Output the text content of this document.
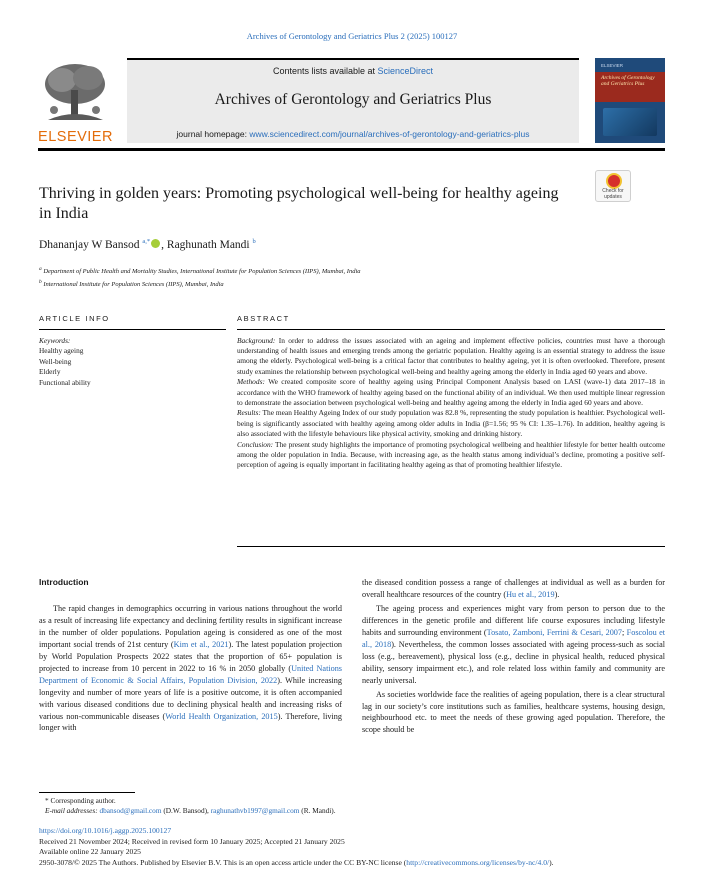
Archives of Gerontology and Geriatrics Plus 2 (2025) 100127
ELSEVIER
Contents lists available at ScienceDirect
Archives of Gerontology and Geriatrics Plus
journal homepage: www.sciencedirect.com/journal/archives-of-gerontology-and-geriatrics-plus
ELSEVIER
Archives of Gerontology and Geriatrics Plus
Thriving in golden years: Promoting psychological well-being for healthy ageing in India
Check for updates
Dhananjay W Bansod $^{a,*}$ , Raghunath Mandi $^b$
$^a$ Department of Public Health and Mortality Studies, International Institute for Population Sciences (IIPS), Mumbai, India
$^b$ International Institute for Population Sciences (IIPS), Mumbai, India
ARTICLE INFO	ABSTRACT
Keywords:
Healthy ageing
Well-being
Elderly
Functional ability

Background: In order to address the issues associated with an ageing and implement effective policies, countries must have a thorough understanding of health issues and emerging trends among the geriatric population. Healthy ageing is an essential strategy to address the issue among the elderly. Psychological well-being is a critical factor that contributes to healthy ageing, yet it is often overlooked. Therefore, present study examines the relationship between psychological well-being and healthy ageing among the elderly in India aged 60 years and above.

Methods: We created composite score of healthy ageing using Principal Component Analysis based on LASI (wave-1) data 2017–18 in accordance with the WHO framework of healthy ageing based on the functional ability of an individual. We then used multiple linear regression to demonstrate the association between psychological well-being and healthy ageing among the elderly in India aged 60 years and above.

Results: The mean Healthy Ageing Index of our study population was 82.8 %, representing the study population is healthier. Psychological well-being is significantly associated with healthy ageing among older adults in India (β=1.56; 95 % CI: 1.35–1.76). In addition, healthy ageing is also associated with the lifestyle behaviours like physical activity, smoking and drinking history.

Conclusion: The present study highlights the importance of promoting psychological wellbeing and healthier lifestyle for better health outcome among the older population in India. Because, with increasing age, as the health status among individual’s decline, promoting a positive self-perception of ageing is equally important in facilitating healthy ageing as that of promoting healthier lifestyle.

Introduction

The rapid changes in demographics occurring in various nations throughout the world as a result of increasing life expectancy and declining fertility results in significant increase in the number of older populations. Population ageing is considered as one of the most important social trends of 21st century (Kim et al., 2021). The latest population projection by World Population Prospects 2022 states that the proportion of 65+ population is projected to increase from 10 percent in 2022 to 16 % in 2050 globally (United Nations Department of Economic & Social Affairs, Population Division, 2022). While increasing longevity and number of more years of life is a positive outcome, it is often accompanied with various diseased conditions due to declining physical health and increasing risks of various non-communicable diseases (World Health Organization, 2015). Therefore, living longer with

the diseased condition possess a range of challenges at individual as well as a burden for overall healthcare resources of the country (Hu et al., 2019).

The ageing process and experiences might vary from person to person due to the differences in the genetic profile and different life course exposures including lifestyle habits and surrounding environment (Tosato, Zamboni, Ferrini & Cesari, 2007; Foscolou et al., 2018). Nevertheless, the common losses associated with ageing process-such as social loss (e.g., bereavement), physical loss (e.g., decline in physical health, reduced physical ability, sensory impairment etc.), and role related loss within family and community are nearly universal.

As societies worldwide face the realities of ageing population, there is a clear structural lag in our society’s core institutions such as families, healthcare systems, housing design, neighbourhood etc. to meet the needs of these growing aged population. Therefore, the scope should be

* Corresponding author.
E-mail addresses: dbansod@gmail.com (D.W. Bansod), raghunathvb1997@gmail.com (R. Mandi).
https://doi.org/10.1016/j.aggp.2025.100127
Received 21 November 2024; Received in revised form 10 January 2025; Accepted 21 January 2025
Available online 22 January 2025
2950-3078/© 2025 The Authors. Published by Elsevier B.V. This is an open access article under the CC BY-NC license (http://creativecommons.org/licenses/by-nc/4.0/).
